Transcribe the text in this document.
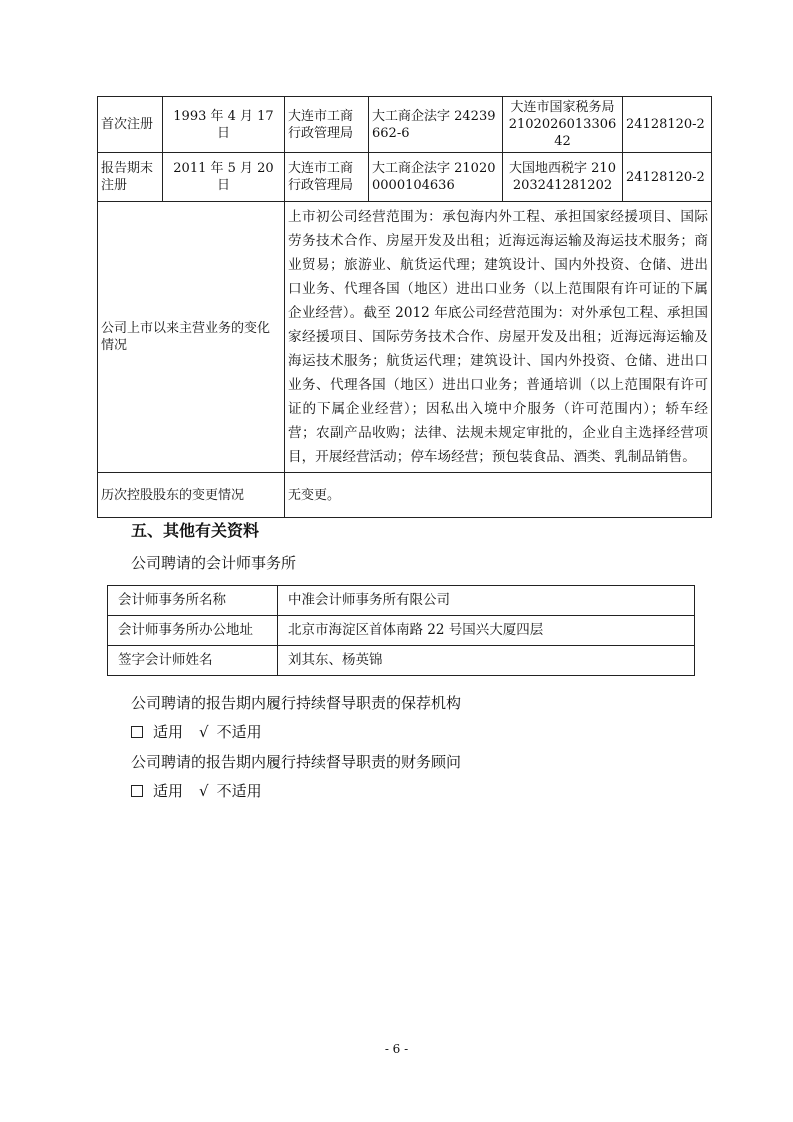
首次注册	1993 年 4 月 17 日	大连市工商行政管理局	大工商企法字 24239662-6	大连市国家税务局 210202601330642	24128120-2
报告期末注册	2011 年 5 月 20 日	大连市工商行政管理局	大工商企法字 210200000104636	大国地西税字 210203241281202	24128120-2
公司上市以来主营业务的变化情况		上市初公司经营范围为：承包海内外工程、承担国家经援项目、国际劳务技术合作、房屋开发及出租；近海远海运输及海运技术服务；商业贸易；旅游业、航货运代理；建筑设计、国内外投资、仓储、进出口业务、代理各国（地区）进出口业务（以上范围限有许可证的下属企业经营）。截至 2012 年底公司经营范围为：对外承包工程、承担国家经援项目、国际劳务技术合作、房屋开发及出租；近海远海运输及海运技术服务；航货运代理；建筑设计、国内外投资、仓储、进出口业务、代理各国（地区）进出口业务；普通培训（以上范围限有许可证的下属企业经营）；因私出入境中介服务（许可范围内）；轿车经营；农副产品收购；法律、法规未规定审批的，企业自主选择经营项目，开展经营活动；停车场经营；预包装食品、酒类、乳制品销售。			
历次控股股东的变更情况		无变更。			
五、其他有关资料

公司聘请的会计师事务所

会计师事务所名称	中准会计师事务所有限公司
会计师事务所办公地址	北京市海淀区首体南路 22 号国兴大厦四层
签字会计师姓名	刘其东、杨英锦

公司聘请的报告期内履行持续督导职责的保荐机构

适用 √ 不适用

公司聘请的报告期内履行持续督导职责的财务顾问

适用 √ 不适用

- 6 -
